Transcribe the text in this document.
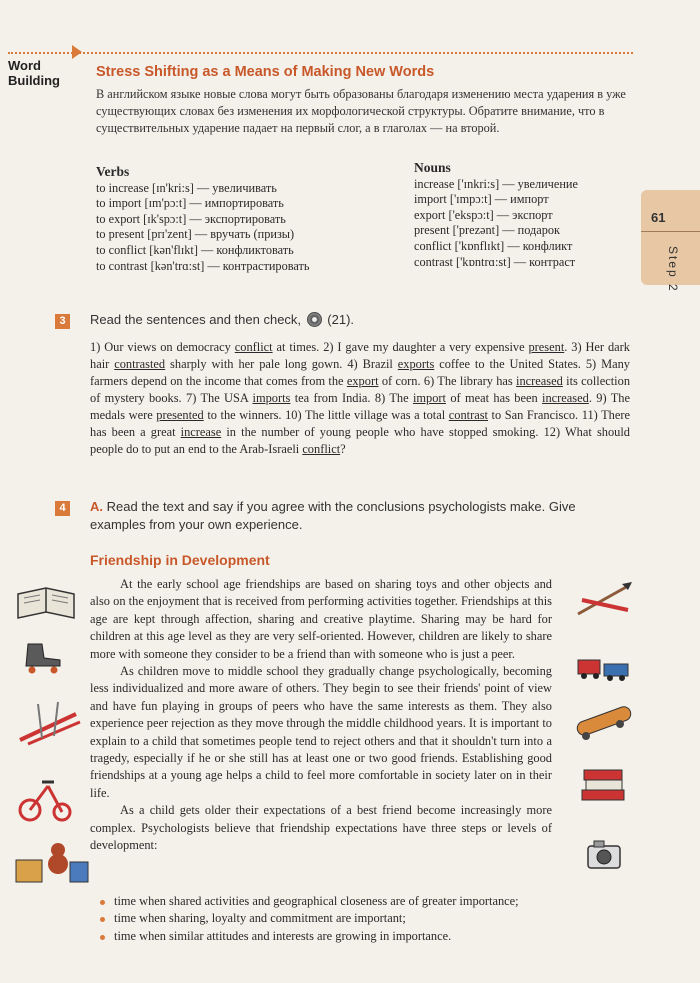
Word
Building
Stress Shifting as a Means of Making New Words
В английском языке новые слова могут быть образованы благодаря изменению места ударения в уже существующих словах без изменения их морфологической структуры. Обратите внимание, что в существительных ударение падает на первый слог, а в глаголах — на второй.
Verbs
to increase [ɪn'kri:s] — увеличивать
to import [ɪm'pɔ:t] — импортировать
to export [ɪk'spɔ:t] — экспортировать
to present [prɪ'zent] — вручать (призы)
to conflict [kən'flɪkt] — конфликтовать
to contrast [kən'trɑ:st] — контрастировать
Nouns
increase ['ɪnkri:s] — увеличение
import ['ɪmpɔ:t] — импорт
export ['ekspɔ:t] — экспорт
present ['prezənt] — подарок
conflict ['kɒnflɪkt] — конфликт
contrast ['kɒntrɑ:st] — контраст
61
Step 2
3	Read the sentences and then check, (21).
1) Our views on democracy conflict at times. 2) I gave my daughter a very expensive present. 3) Her dark hair contrasted sharply with her pale long gown. 4) Brazil exports coffee to the United States. 5) Many farmers depend on the income that comes from the export of corn. 6) The library has increased its collection of mystery books. 7) The USA imports tea from India. 8) The import of meat has been increased. 9) The medals were presented to the winners. 10) The little village was a total contrast to San Francisco. 11) There has been a great increase in the number of young people who have stopped smoking. 12) What should people do to put an end to the Arab-Israeli conflict?
4	A. Read the text and say if you agree with the conclusions psychologists make. Give examples from your own experience.
Friendship in Development

At the early school age friendships are based on sharing toys and other objects and also on the enjoyment that is received from performing activities together. Friendships at this age are kept through affection, sharing and creative playtime. Sharing may be hard for children at this age level as they are very self-oriented. However, children are likely to share more with someone they consider to be a friend than with someone who is just a peer.

As children move to middle school they gradually change psychologically, becoming less individualized and more aware of others. They begin to see their friends' point of view and have fun playing in groups of peers who have the same interests as them. They also experience peer rejection as they move through the middle childhood years. It is important to explain to a child that sometimes people tend to reject others and that it shouldn't turn into a tragedy, especially if he or she still has at least one or two good friends. Establishing good friendships at a young age helps a child to feel more comfortable in society later on in their life.

As a child gets older their expectations of a best friend become increasingly more complex. Psychologists believe that friendship expectations have three steps or levels of development:

time when shared activities and geographical closeness are of greater importance;
time when sharing, loyalty and commitment are important;
time when similar attitudes and interests are growing in importance.
